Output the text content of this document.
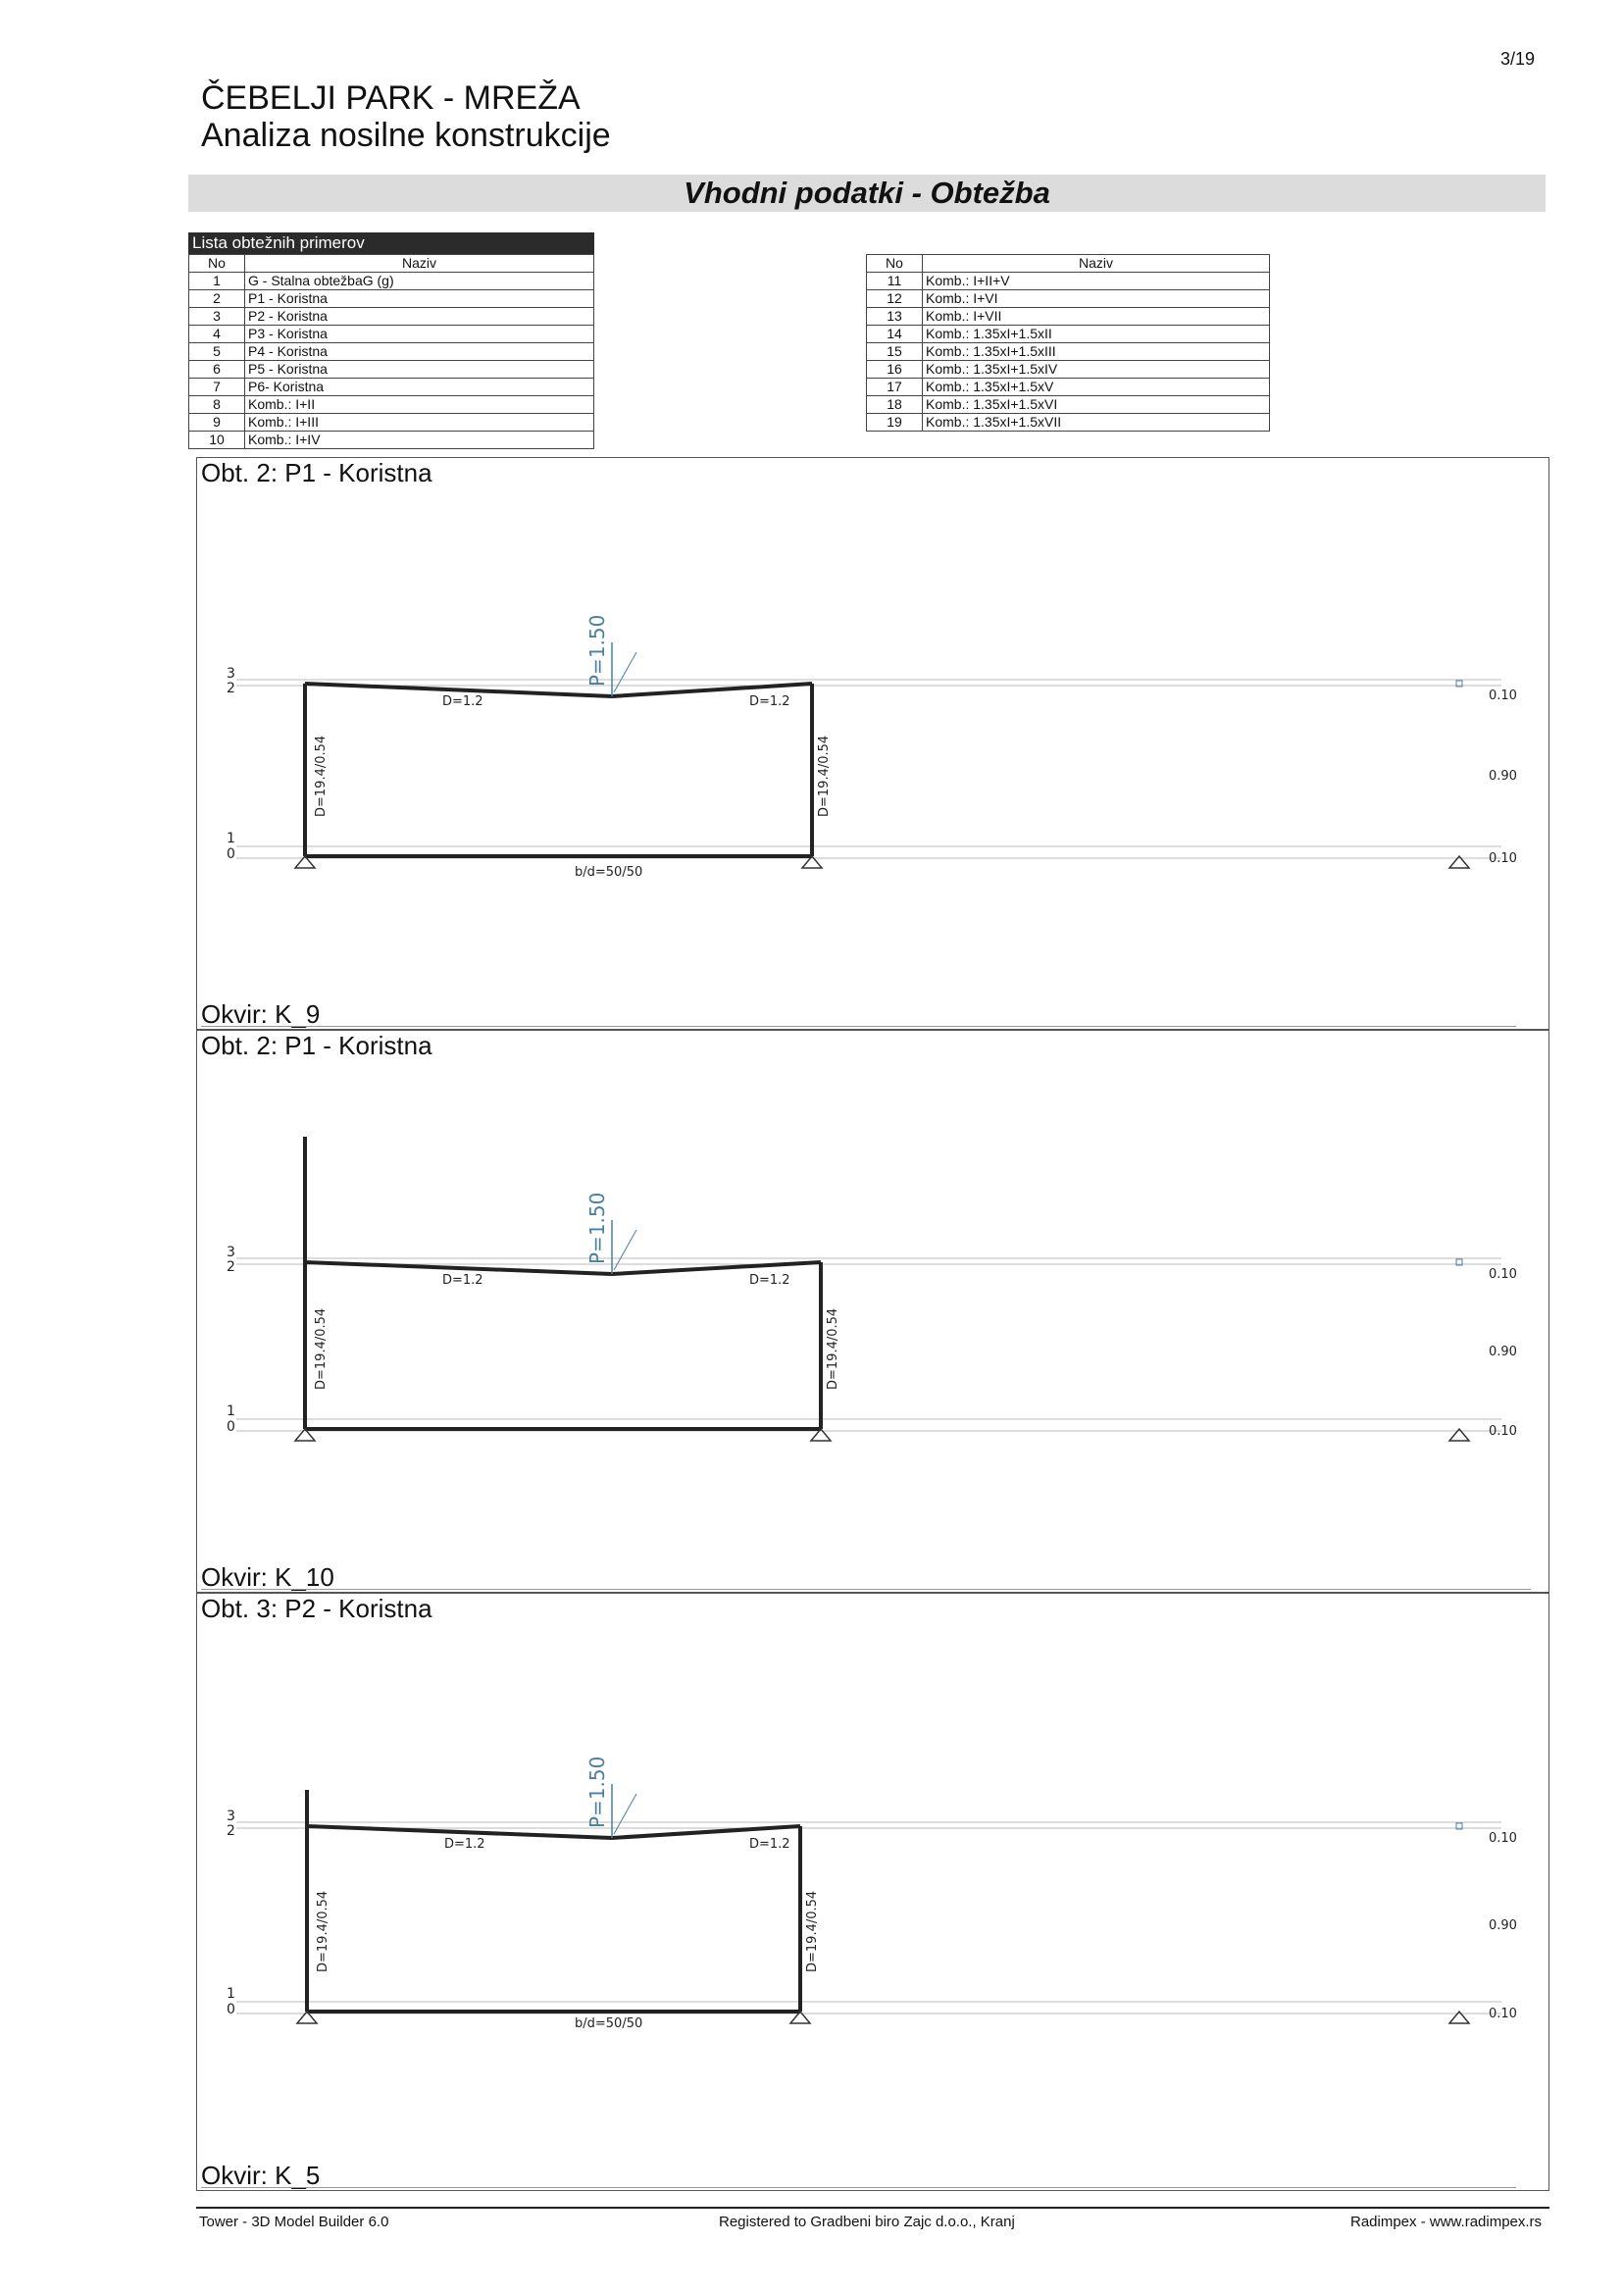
3/19
ČEBELJI PARK - MREŽA
Analiza nosilne konstrukcije
Vhodni podatki - Obtežba
Lista obtežnih primerov
No	Naziv
1	G - Stalna obtežbaG (g)
2	P1 - Koristna
3	P2 - Koristna
4	P3 - Koristna
5	P4 - Koristna
6	P5 - Koristna
7	P6- Koristna
8	Komb.: I+II
9	Komb.: I+III
10	Komb.: I+IV
No	Naziv
11	Komb.: I+II+V
12	Komb.: I+VI
13	Komb.: I+VII
14	Komb.: 1.35xI+1.5xII
15	Komb.: 1.35xI+1.5xIII
16	Komb.: 1.35xI+1.5xIV
17	Komb.: 1.35xI+1.5xV
18	Komb.: 1.35xI+1.5xVI
19	Komb.: 1.35xI+1.5xVII
Obt. 2: P1 - Koristna
3
2
1
0
P=1.50
D=1.2	D=1.2
D=19.4/0.54	D=19.4/0.54
b/d=50/50
0.10
0.90
0.10
Okvir: K_9
Obt. 2: P1 - Koristna
3
2
1
0
P=1.50
D=1.2	D=1.2
D=19.4/0.54	D=19.4/0.54
0.10
0.90
0.10
Okvir: K_10
Obt. 3: P2 - Koristna
3
2
1
0
P=1.50
D=1.2	D=1.2
D=19.4/0.54	D=19.4/0.54
b/d=50/50
0.10
0.90
0.10
Okvir: K_5
Tower - 3D Model Builder 6.0	Registered to Gradbeni biro Zajc d.o.o., Kranj	Radimpex - www.radimpex.rs
